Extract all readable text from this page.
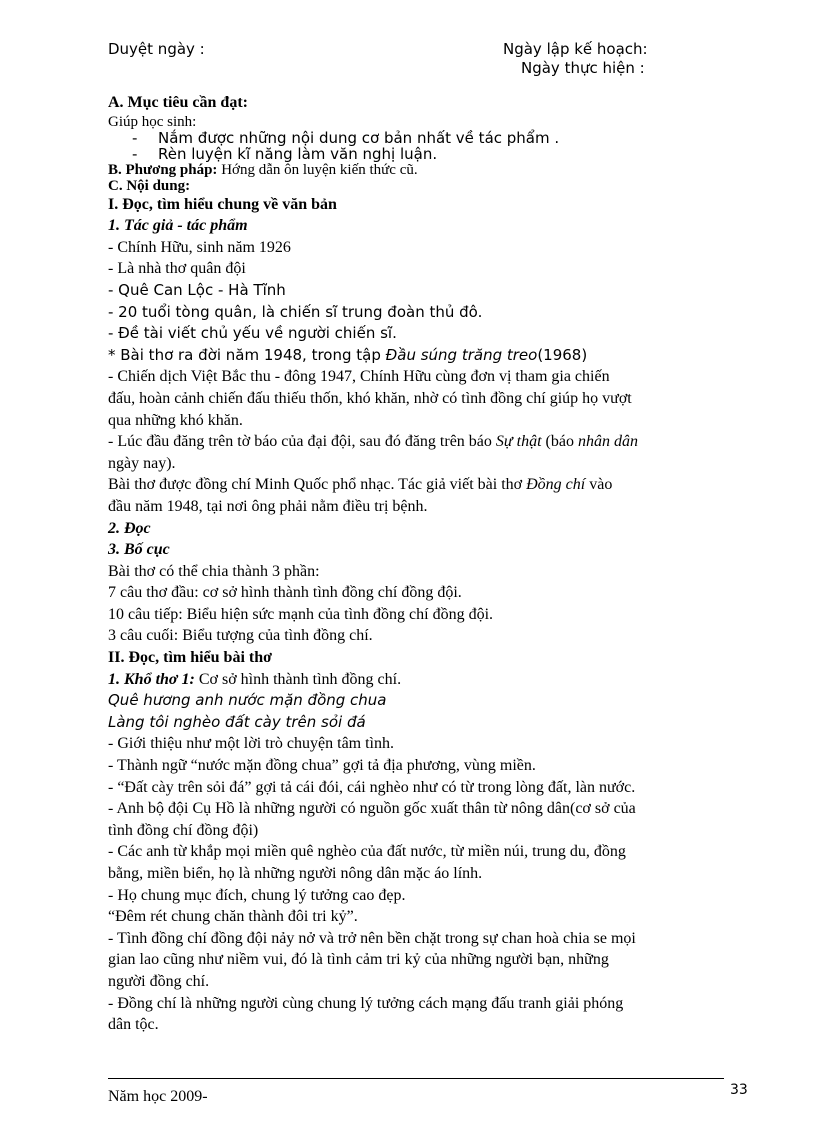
Duyệt ngày :	Ngày lập kế hoạch:
Ngày thực hiện :
A. Mục tiêu cần đạt:
Giúp học sinh:
- Nắm được những nội dung cơ bản nhất về tác phẩm .
- Rèn luyện kĩ năng làm văn nghị luận.
B. Phương pháp: Hớng dẫn ôn luyện kiến thức cũ.
C. Nội dung:
I. Đọc, tìm hiểu chung về văn bản
1. Tác giả - tác phẩm
- Chính Hữu, sinh năm 1926
- Là nhà thơ quân đội
- Quê Can Lộc - Hà Tĩnh
- 20 tuổi tòng quân, là chiến sĩ trung đoàn thủ đô.
- Đề tài viết chủ yếu về người chiến sĩ.
* Bài thơ ra đời năm 1948, trong tập Đầu súng trăng treo(1968)
- Chiến dịch Việt Bắc thu - đông 1947, Chính Hữu cùng đơn vị tham gia chiến
đấu, hoàn cảnh chiến đấu thiếu thốn, khó khăn, nhờ có tình đồng chí giúp họ vượt
qua những khó khăn.
- Lúc đầu đăng trên tờ báo của đại đội, sau đó đăng trên báo Sự thật (báo nhân dân
ngày nay).
Bài thơ được đồng chí Minh Quốc phổ nhạc. Tác giả viết bài thơ Đồng chí vào
đầu năm 1948, tại nơi ông phải nằm điều trị bệnh.
2. Đọc
3. Bố cục
Bài thơ có thể chia thành 3 phần:
7 câu thơ đầu: cơ sở hình thành tình đồng chí đồng đội.
10 câu tiếp: Biểu hiện sức mạnh của tình đồng chí đồng đội.
3 câu cuối: Biểu tượng của tình đồng chí.
II. Đọc, tìm hiểu bài thơ
1. Khổ thơ 1: Cơ sở hình thành tình đồng chí.
Quê hương anh nước mặn đồng chua
Làng tôi nghèo đất cày trên sỏi đá
- Giới thiệu như một lời trò chuyện tâm tình.
- Thành ngữ “nước mặn đồng chua” gợi tả địa phương, vùng miền.
- “Đất cày trên sỏi đá” gợi tả cái đói, cái nghèo như có từ trong lòng đất, làn nước.
- Anh bộ đội Cụ Hồ là những người có nguồn gốc xuất thân từ nông dân(cơ sở của
tình đồng chí đồng đội)
- Các anh từ khắp mọi miền quê nghèo của đất nước, từ miền núi, trung du, đồng
bằng, miền biển, họ là những người nông dân mặc áo lính.
- Họ chung mục đích, chung lý tưởng cao đẹp.
“Đêm rét chung chăn thành đôi tri kỷ”.
- Tình đồng chí đồng đội nảy nở và trở nên bền chặt trong sự chan hoà chia se mọi
gian lao cũng như niềm vui, đó là tình cảm tri kỷ của những người bạn, những
người đồng chí.
- Đồng chí là những người cùng chung lý tưởng cách mạng đấu tranh giải phóng
dân tộc.
Năm học 2009-	33
